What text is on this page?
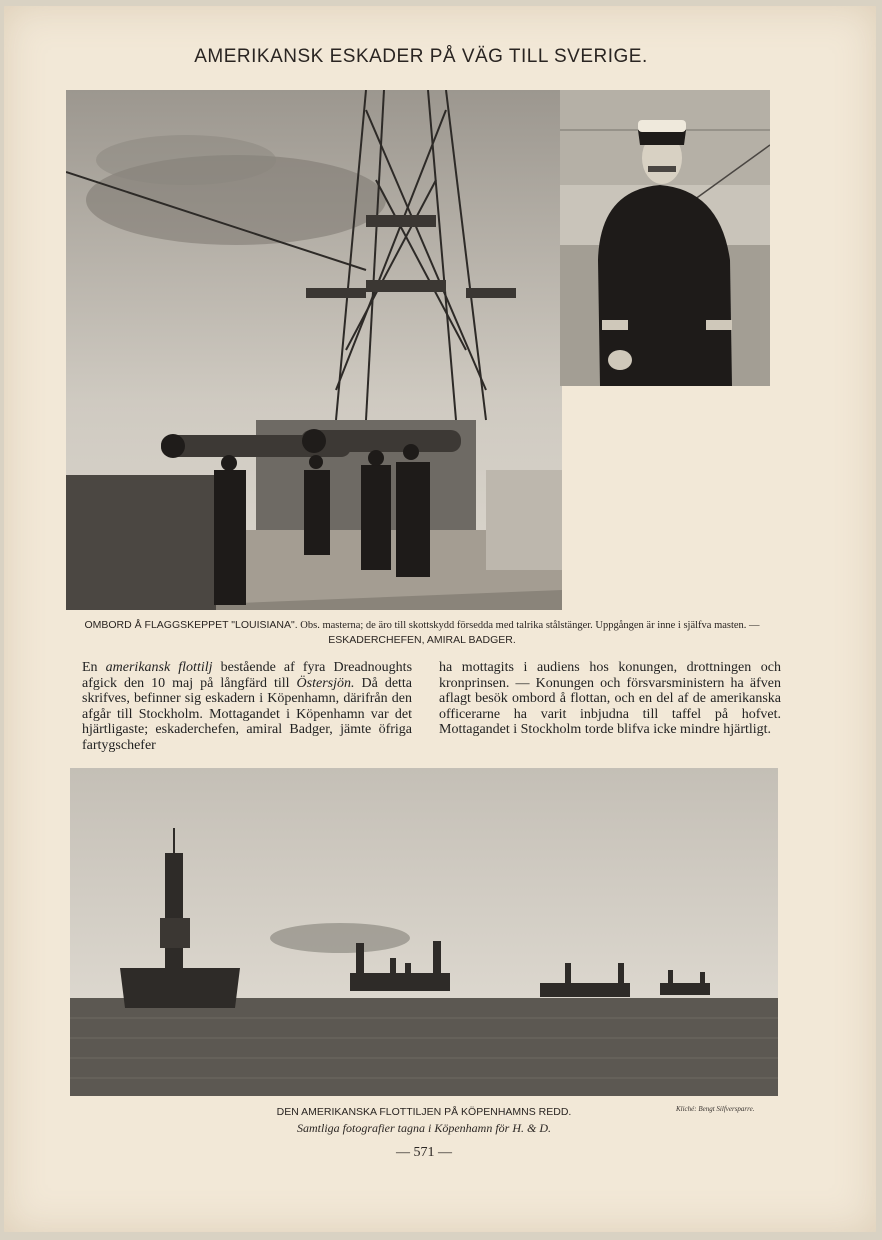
AMERIKANSK ESKADER PÅ VÄG TILL SVERIGE.
OMBORD Å FLAGGSKEPPET "LOUISIANA". Obs. masterna; de äro till skottskydd försedda med talrika stålstänger. Uppgången är inne i själfva masten. — ESKADERCHEFEN, AMIRAL BADGER.
En amerikansk flottilj bestående af fyra Dreadnoughts afgick den 10 maj på långfärd till Östersjön. Då detta skrifves, befinner sig eskadern i Köpenhamn, därifrån den afgår till Stockholm. Mottagandet i Köpenhamn var det hjärtligaste; eskaderchefen, amiral Badger, jämte öfriga fartygschefer
ha mottagits i audiens hos konungen, drottningen och kronprinsen. — Konungen och försvarsministern ha äfven aflagt besök ombord å flottan, och en del af de amerikanska officerarne ha varit inbjudna till taffel på hofvet. Mottagandet i Stockholm torde blifva icke mindre hjärtligt.
DEN AMERIKANSKA FLOTTILJEN PÅ KÖPENHAMNS REDD.	Kliché: Bengt Silfversparre.
Samtliga fotografier tagna i Köpenhamn för H. & D.
— 571 —
